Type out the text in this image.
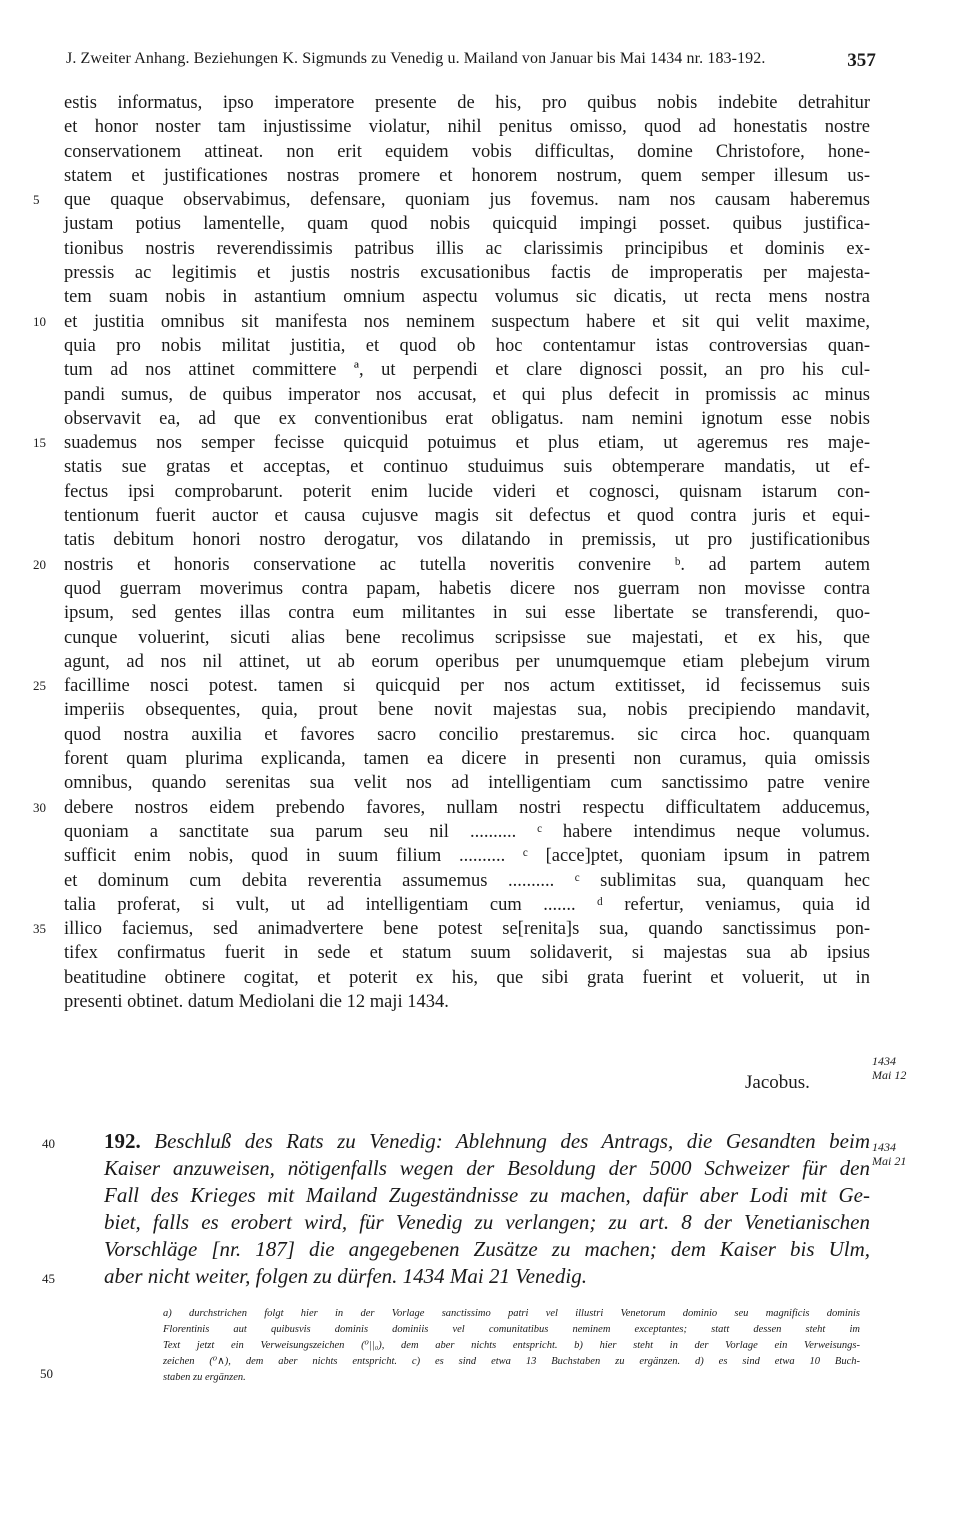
J. Zweiter Anhang. Beziehungen K. Sigmunds zu Venedig u. Mailand von Januar bis Mai 1434 nr. 183-192.	357
estis informatus, ipso imperatore presente de his, pro quibus nobis indebite detrahitur
et honor noster tam injustissime violatur, nihil penitus omisso, quod ad honestatis nostre
conservationem attineat. non erit equidem vobis difficultas, domine Christofore, hone-
statem et justificationes nostras promere et honorem nostrum, quem semper illesum us-
5	que quaque observabimus, defensare, quoniam jus fovemus. nam nos causam haberemus
justam potius lamentelle, quam quod nobis quicquid impingi posset. quibus justifica-
tionibus nostris reverendissimis patribus illis ac clarissimis principibus et dominis ex-
pressis ac legitimis et justis nostris excusationibus factis de improperatis per majesta-
tem suam nobis in astantium omnium aspectu volumus sic dicatis, ut recta mens nostra
10 et justitia omnibus sit manifesta nos neminem suspectum habere et sit qui velit maxime,
quia pro nobis militat justitia, et quod ob hoc contentamur istas controversias quan-
tum ad nos attinet committere ª, ut perpendi et clare dignosci possit, an pro his cul-
pandi sumus, de quibus imperator nos accusat, et qui plus defecit in promissis ac minus
observavit ea, ad que ex conventionibus erat obligatus. nam nemini ignotum esse nobis
15 suademus nos semper fecisse quicquid potuimus et plus etiam, ut ageremus res maje-
statis sue gratas et acceptas, et continuo studuimus suis obtemperare mandatis, ut ef-
fectus ipsi comprobarunt. poterit enim lucide videri et cognosci, quisnam istarum con-
tentionum fuerit auctor et causa cujusve magis sit defectus et quod contra juris et equi-
tatis debitum honori nostro derogatur, vos dilatando in premissis, ut pro justificationibus
20 nostris et honoris conservatione ac tutella noveritis convenire ᵇ. ad partem autem
quod guerram moverimus contra papam, habetis dicere nos guerram non movisse contra
ipsum, sed gentes illas contra eum militantes in sui esse libertate se transferendi, quo-
cunque voluerint, sicuti alias bene recolimus scripsisse sue majestati, et ex his, que
agunt, ad nos nil attinet, ut ab eorum operibus per unumquemque etiam plebejum virum
25 facillime nosci potest. tamen si quicquid per nos actum extitisset, id fecissemus suis
imperiis obsequentes, quia, prout bene novit majestas sua, nobis precipiendo mandavit,
quod nostra auxilia et favores sacro concilio prestaremus. sic circa hoc. quanquam
forent quam plurima explicanda, tamen ea dicere in presenti non curamus, quia omissis
omnibus, quando serenitas sua velit nos ad intelligentiam cum sanctissimo patre venire
30 debere nostros eidem prebendo favores, nullam nostri respectu difficultatem adducemus,
quoniam a sanctitate sua parum seu nil .......... ᶜ habere intendimus neque volumus.
sufficit enim nobis, quod in suum filium .......... ᶜ [acce]ptet, quoniam ipsum in patrem
et dominum cum debita reverentia assumemus .......... ᶜ sublimitas sua, quanquam hec
talia proferat, si vult, ut ad intelligentiam cum ....... ᵈ refertur, veniamus, quia id
35 illico faciemus, sed animadvertere bene potest se[renita]s sua, quando sanctissimus pon-
tifex confirmatus fuerit in sede et statum suum solidaverit, si majestas sua ab ipsius
beatitudine obtinere cogitat, et poterit ex his, que sibi grata fuerint et voluerit, ut in
presenti obtinet. datum Mediolani die 12 maji 1434.
Jacobus.
1434
Mai 12
1434
Mai 21
40 192. Beschluß des Rats zu Venedig: Ablehnung des Antrags, die Gesandten beim
Kaiser anzuweisen, nötigenfalls wegen der Besoldung der 5000 Schweizer für den
Fall des Krieges mit Mailand Zugeständnisse zu machen, dafür aber Lodi mit Ge-
biet, falls es erobert wird, für Venedig zu verlangen; zu art. 8 der Venetianischen
Vorschläge [nr. 187] die angegebenen Zusätze zu machen; dem Kaiser bis Ulm,
45 aber nicht weiter, folgen zu dürfen. 1434 Mai 21 Venedig.
a) durchstrichen folgt hier in der Vorlage sanctissimo patri vel illustri Venetorum dominio seu magnificis dominis
Florentinis aut quibusvis dominis dominiis vel comunitatibus neminem exceptantes; statt dessen steht im
Text jetzt ein Verweisungszeichen (⁰||₀), dem aber nichts entspricht. b) hier steht in der Vorlage ein Verweisungs-
zeichen (⁰∧), dem aber nichts entspricht. c) es sind etwa 13 Buchstaben zu ergänzen. d) es sind etwa 10 Buch-
staben zu ergänzen.
50
